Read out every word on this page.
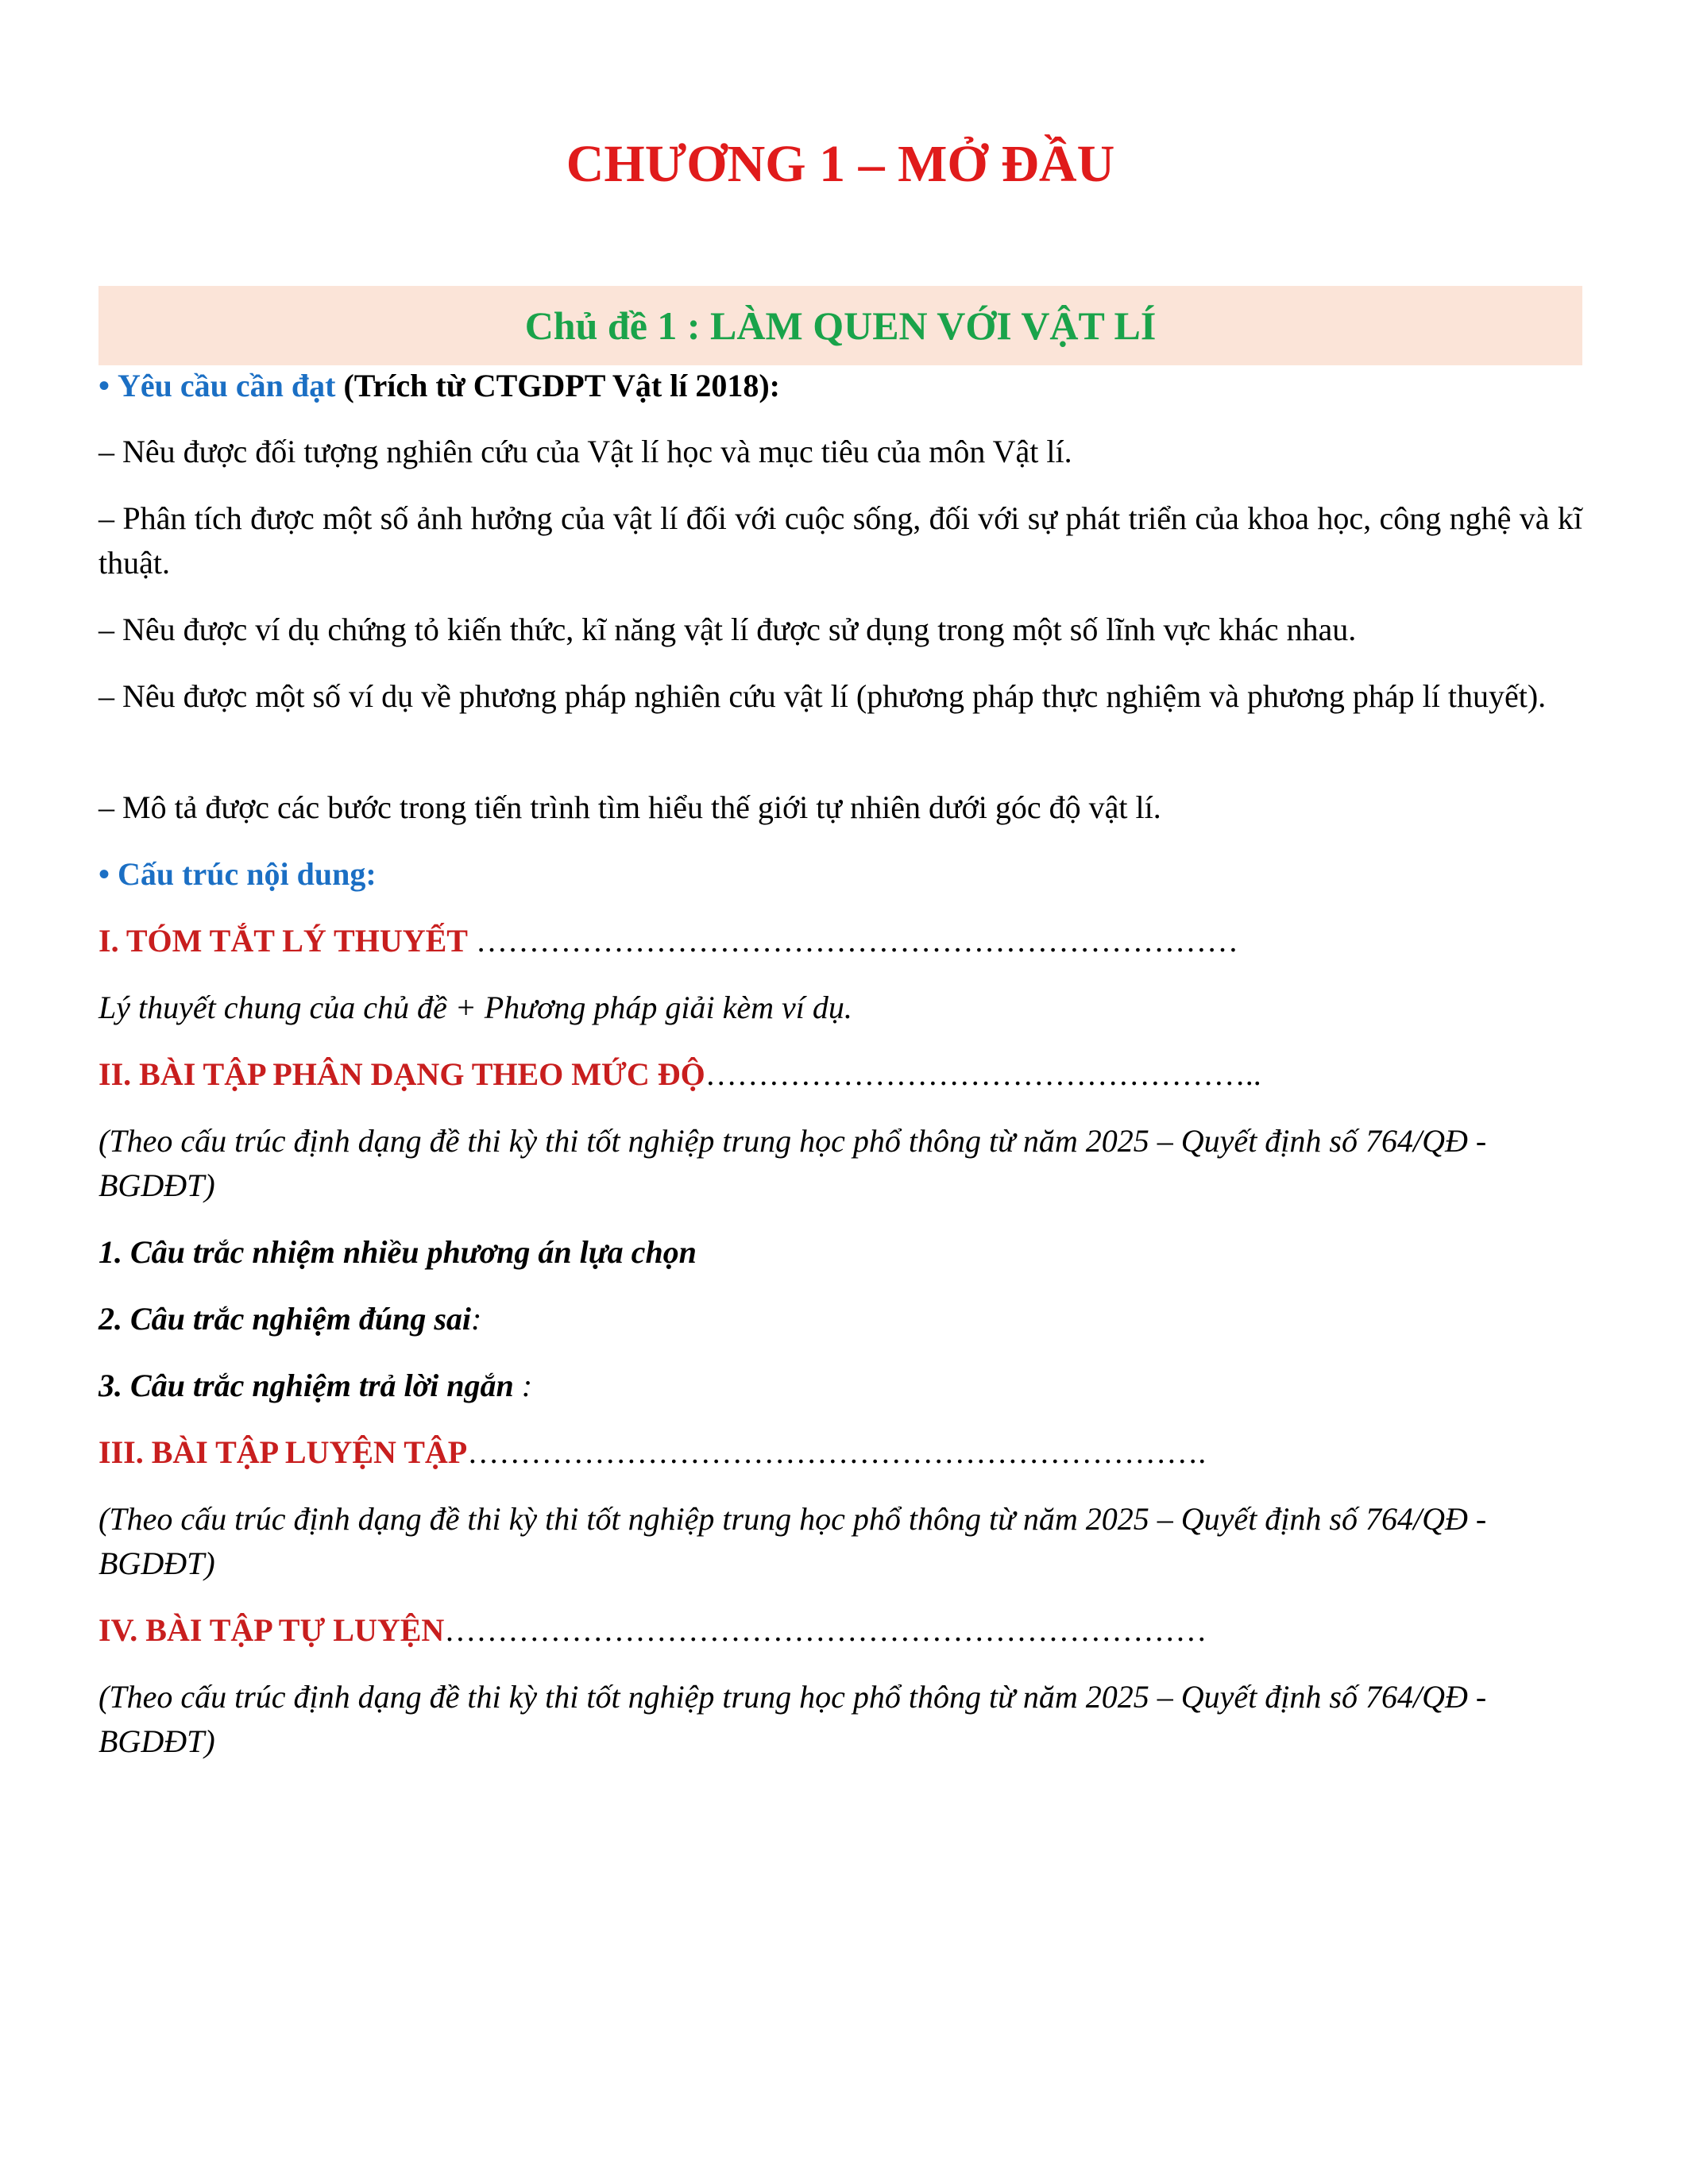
CHƯƠNG 1 – MỞ ĐẦU
Chủ đề 1 : LÀM QUEN VỚI VẬT LÍ

• Yêu cầu cần đạt (Trích từ CTGDPT Vật lí 2018):

– Nêu được đối tượng nghiên cứu của Vật lí học và mục tiêu của môn Vật lí.

– Phân tích được một số ảnh hưởng của vật lí đối với cuộc sống, đối với sự phát triển của khoa học, công nghệ và kĩ thuật.

– Nêu được ví dụ chứng tỏ kiến thức, kĩ năng vật lí được sử dụng trong một số lĩnh vực khác nhau.

– Nêu được một số ví dụ về phương pháp nghiên cứu vật lí (phương pháp thực nghiệm và phương pháp lí thuyết).

– Mô tả được các bước trong tiến trình tìm hiểu thế giới tự nhiên dưới góc độ vật lí.

• Cấu trúc nội dung:

I. TÓM TẮT LÝ THUYẾT ………………………………………………………………

Lý thuyết chung của chủ đề + Phương pháp giải kèm ví dụ.

II. BÀI TẬP PHÂN DẠNG THEO MỨC ĐỘ……………………………………………..

(Theo cấu trúc định dạng đề thi kỳ thi tốt nghiệp trung học phổ thông từ năm 2025 – Quyết định số 764/QĐ - BGDĐT)

1. Câu trắc nhiệm nhiều phương án lựa chọn

2. Câu trắc nghiệm đúng sai:

3. Câu trắc nghiệm trả lời ngắn :

III. BÀI TẬP LUYỆN TẬP…………………………………………………………….

(Theo cấu trúc định dạng đề thi kỳ thi tốt nghiệp trung học phổ thông từ năm 2025 – Quyết định số 764/QĐ - BGDĐT)

IV. BÀI TẬP TỰ LUYỆN………………………………………………………………

(Theo cấu trúc định dạng đề thi kỳ thi tốt nghiệp trung học phổ thông từ năm 2025 – Quyết định số 764/QĐ - BGDĐT)
